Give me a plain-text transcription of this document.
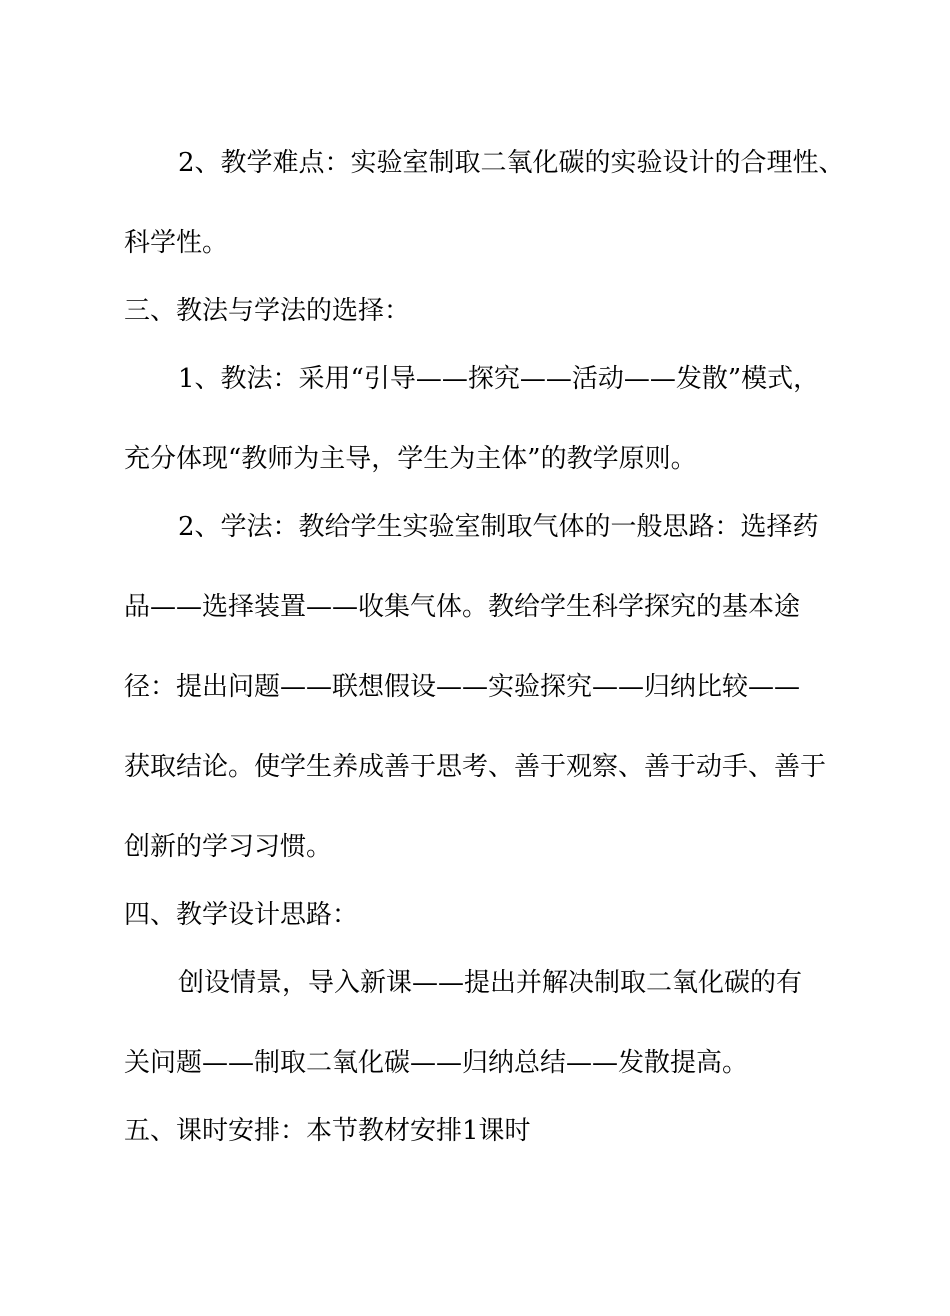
2、教学难点：实验室制取二氧化碳的实验设计的合理性、
科学性。
三、教法与学法的选择：
1、教法：采用“引导——探究——活动——发散”模式，
充分体现“教师为主导，学生为主体”的教学原则。
2、学法：教给学生实验室制取气体的一般思路：选择药
品——选择装置——收集气体。教给学生科学探究的基本途
径：提出问题——联想假设——实验探究——归纳比较——
获取结论。使学生养成善于思考、善于观察、善于动手、善于
创新的学习习惯。
四、教学设计思路：
创设情景，导入新课——提出并解决制取二氧化碳的有
关问题——制取二氧化碳——归纳总结——发散提高。
五、课时安排：本节教材安排1课时
